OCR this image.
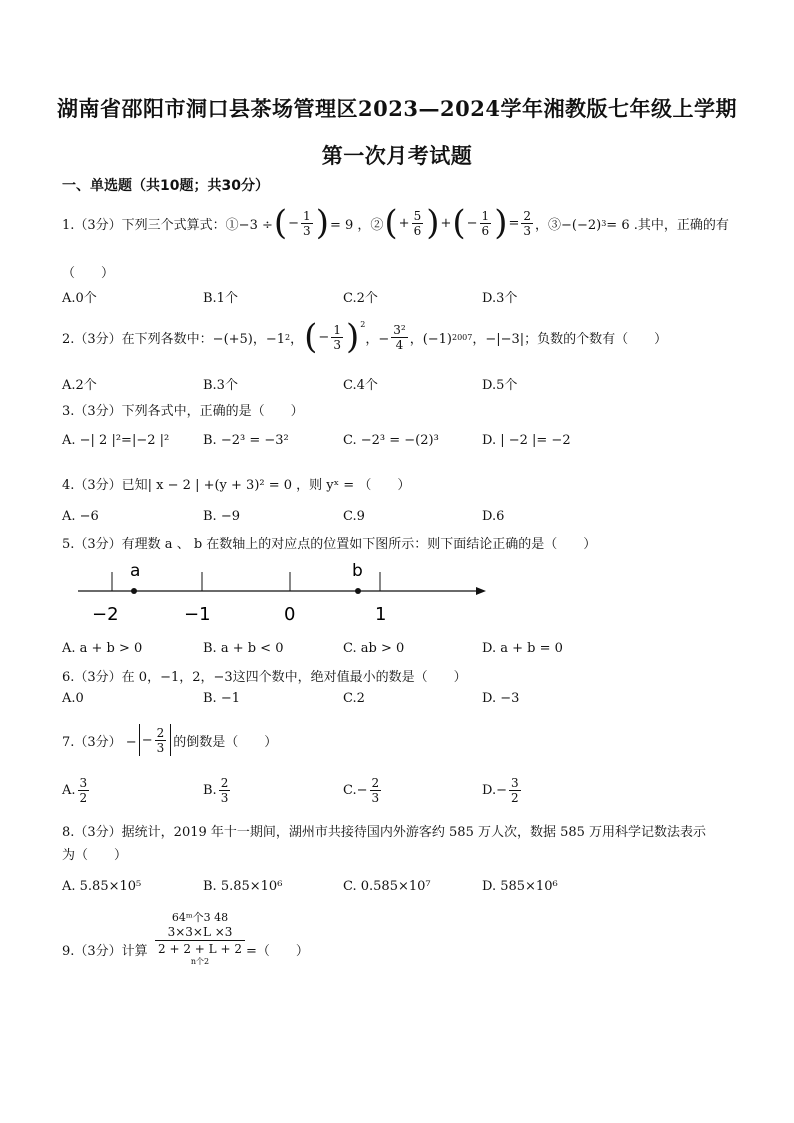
湖南省邵阳市洞口县茶场管理区2023—2024学年湘教版七年级上学期
第一次月考试题
一、单选题（共10题；共30分）
1.（3分）下列三个式算式：①−3 ÷ ( − $\frac{1}{3}$ ) = 9 ，② ( + $\frac{5}{6}$ ) + ( − $\frac{1}{6}$ ) = $\frac{2}{3}$ ，③−(−2) 3 = 6 .其中，正确的有
（　　）
A.0个	B.1个	C.2个	D.3个
2.（3分）在下列各数中：−(+5)，−1 2 ， ( − $\frac{1}{3} )^2$
，− $\frac{\text{3²}}{4}$ ，(−1) 2007 ，−|−3|；负数的个数有（　　）
A.2个	B.3个	C.4个	D.5个
3.（3分）下列各式中，正确的是（　　）
A. −| 2 |²=|−2 |²	B. −2³ = −3²	C. −2³ = −(2)³	D. | −2 |= −2
4.（3分）已知| x − 2 | +(y + 3)² = 0 ，则 yˣ = （　　）
A. −6	B. −9	C.9	D.6
5.（3分）有理数 a 、 b 在数轴上的对应点的位置如下图所示：则下面结论正确的是（　　）
a	b
−2	−1	0	1
A. a + b > 0	B. a + b < 0	C. ab > 0	D. a + b = 0
6.（3分）在 0，−1，2，−3这四个数中，绝对值最小的数是（　　）
A.0	B. −1	C.2	D. −3
7.（3分） − − $\frac{2}{3}$ 的倒数是（　　）
A. $\frac{3}{2}$	B. $\frac{2}{3}$	C. − $\frac{2}{3}$	D. − $\frac{3}{2}$
8.（3分）据统计，2019 年十一期间，湖州市共接待国内外游客约 585 万人次，数据 585 万用科学记数法表示
为（　　）
A. 5.85×10⁵	B. 5.85×10⁶	C. 0.585×10⁷	D. 585×10⁶
9.（3分）计算
64ᵐ个3 48
3×3×L ×3
2 + 2 + L + 2
n个2
=（　　）
